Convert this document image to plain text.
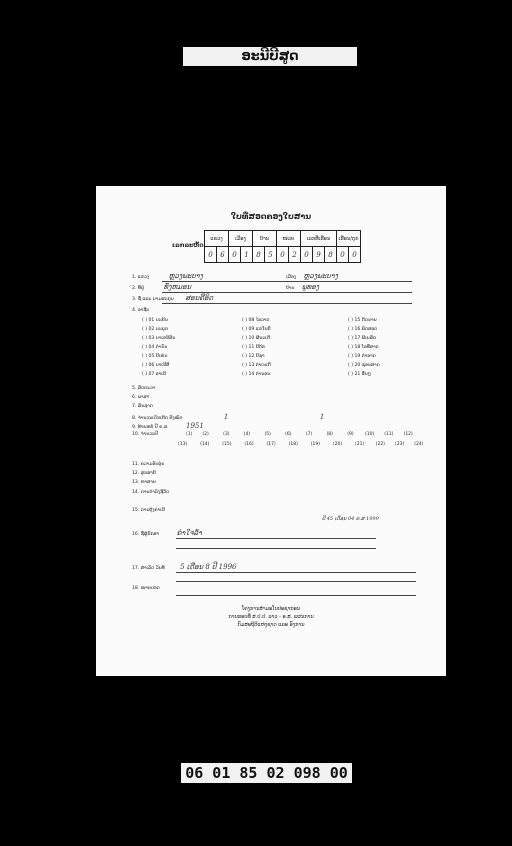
ອະນີບີສູດ
ໃບທີ່ສອດຄອງໃບສານ
ເລກລະຫັດ
ແຂວງ		ເມືອງ		ບ້ານ		ໜ່ວຍ		ເລກທີ່ເຮືອນ			ເຮືອນ/ຕຸກ	
0	6	0	1	8	5	0	2	0	9	8	0	0
1. ແຂວງ	ຫຼວງພະບາງ	ເມືອງ ຫຼວງພະບາງ
2. ທີ່ຢູ່	ທົ່ງຫມອນ	ບ້ານ ພູທອງ
3. ຊື່ ແລະ ນາມສະກຸນ ສອນຄືອິດ
4. ອາຊີບ
( ) 01 ນະຍິນ
( ) 02 ນະຍຸກ
( ) 03 ນາເອນີສົນ
( ) 04 ຕໍ່ານັນ
( ) 05 ນີເຫ່ນ
( ) 06 ນາເນີສີ
( ) 07 ອາເນີ
( ) 08 ໄອວາດ
( ) 09 ແຂໃນນີ
( ) 10 ຜີນະເດີ
( ) 11 ນີດ້ອ
( ) 12 ນີຊາ
( ) 13 ຕຳເນເດີ
( ) 14 ຕຳນອນ
( ) 15 ກິດນາຍ
( ) 16 ພິດສອດ
( ) 17 ພີເນສົດ
( ) 18 ໂອທີ່ສາດ
( ) 19 ຕຳອາດ
( ) 20 ຊອນສາດ
( ) 21 ອື່ນໆ
5. ສັດຕະວາ
6. ພາສາ
7. ສັນຊາດ
8. ຈຳນວນເດັກເກີດ ທັງໝົດ	1	1
9. ທ້າຍຫຍ້ ປີ ຄ.ສ. 1951
10. ຈຳນວນປີ	(1) (2)	(3)	(4)	(5)	(6)	(7)	(8)	(9)	(10) (11) (12)
(13)	(14)	(15)	(16)	(17)	(18)	(19)	(20)	(21)	(22) (23) (24)
11. ຄວາມອົບອຸ່ນ
12. ສຸກສານີ
13. ຫາສາຍ
14. ການດຳລົງຊີວິດ
15. ການຕຸ້ງຄ່າເນີ
ປີ 45 ເດືອນ 04 ຄ.ສ 1999
16. ຊື່ຜູ້ຮັກສາ ຄຳໃຈລ້ຳ
17. ສຳເລັດ ວັນທີ 5 ເດືອນ 8 ປີ 1996
18. ໝາຍເຫດ
ໂຄງການສຳມະໂນປະຊາກອນ
ການຮອບທີ່ ສ.ປ.ປ. ລາວ - ອ.ສ. ແຜນການ
ກົມສະຖິຕິແຫ່ງຊາດ ແລະ ອົງການ
06 01 85 02 098 00
